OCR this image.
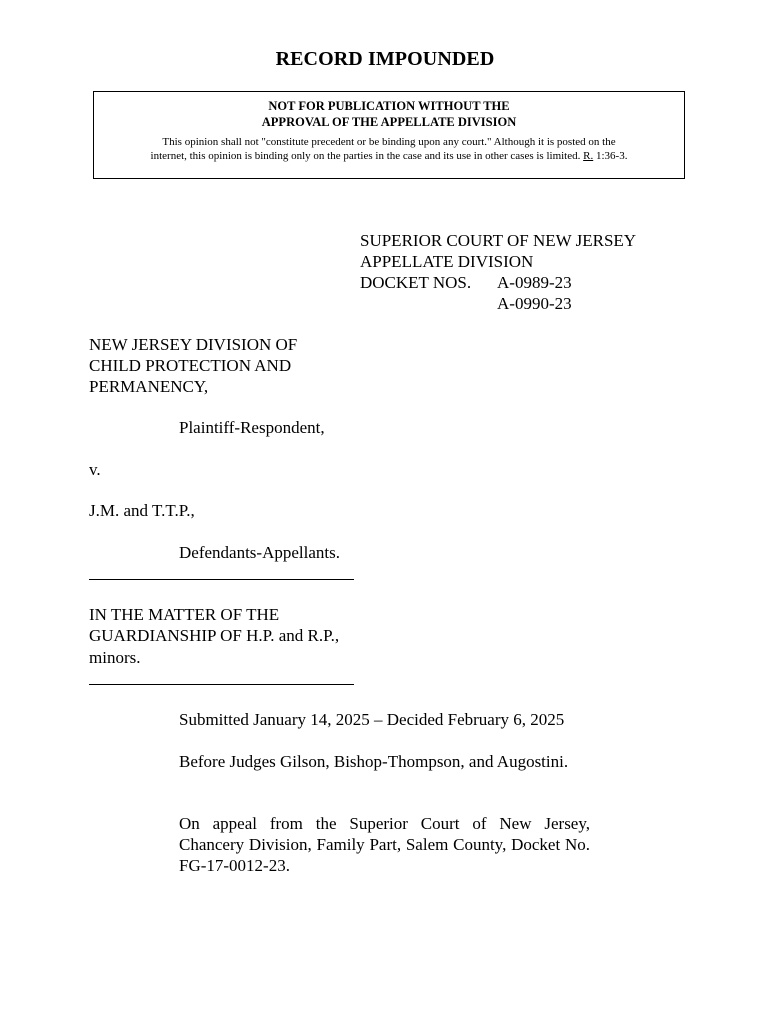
RECORD IMPOUNDED
NOT FOR PUBLICATION WITHOUT THE
APPROVAL OF THE APPELLATE DIVISION
This opinion shall not "constitute precedent or be binding upon any court." Although it is posted on the
internet, this opinion is binding only on the parties in the case and its use in other cases is limited. R. 1:36-3.
SUPERIOR COURT OF NEW JERSEY
APPELLATE DIVISION
DOCKET NOS. A-0989-23
A-0990-23
NEW JERSEY DIVISION OF
CHILD PROTECTION AND
PERMANENCY,
Plaintiff-Respondent,
v.
J.M. and T.T.P.,
Defendants-Appellants.
IN THE MATTER OF THE
GUARDIANSHIP OF H.P. and R.P.,
minors.
Submitted January 14, 2025 – Decided February 6, 2025
Before Judges Gilson, Bishop-Thompson, and Augostini.
On appeal from the Superior Court of New Jersey, Chancery Division, Family Part, Salem County, Docket No. FG-17-0012-23.
